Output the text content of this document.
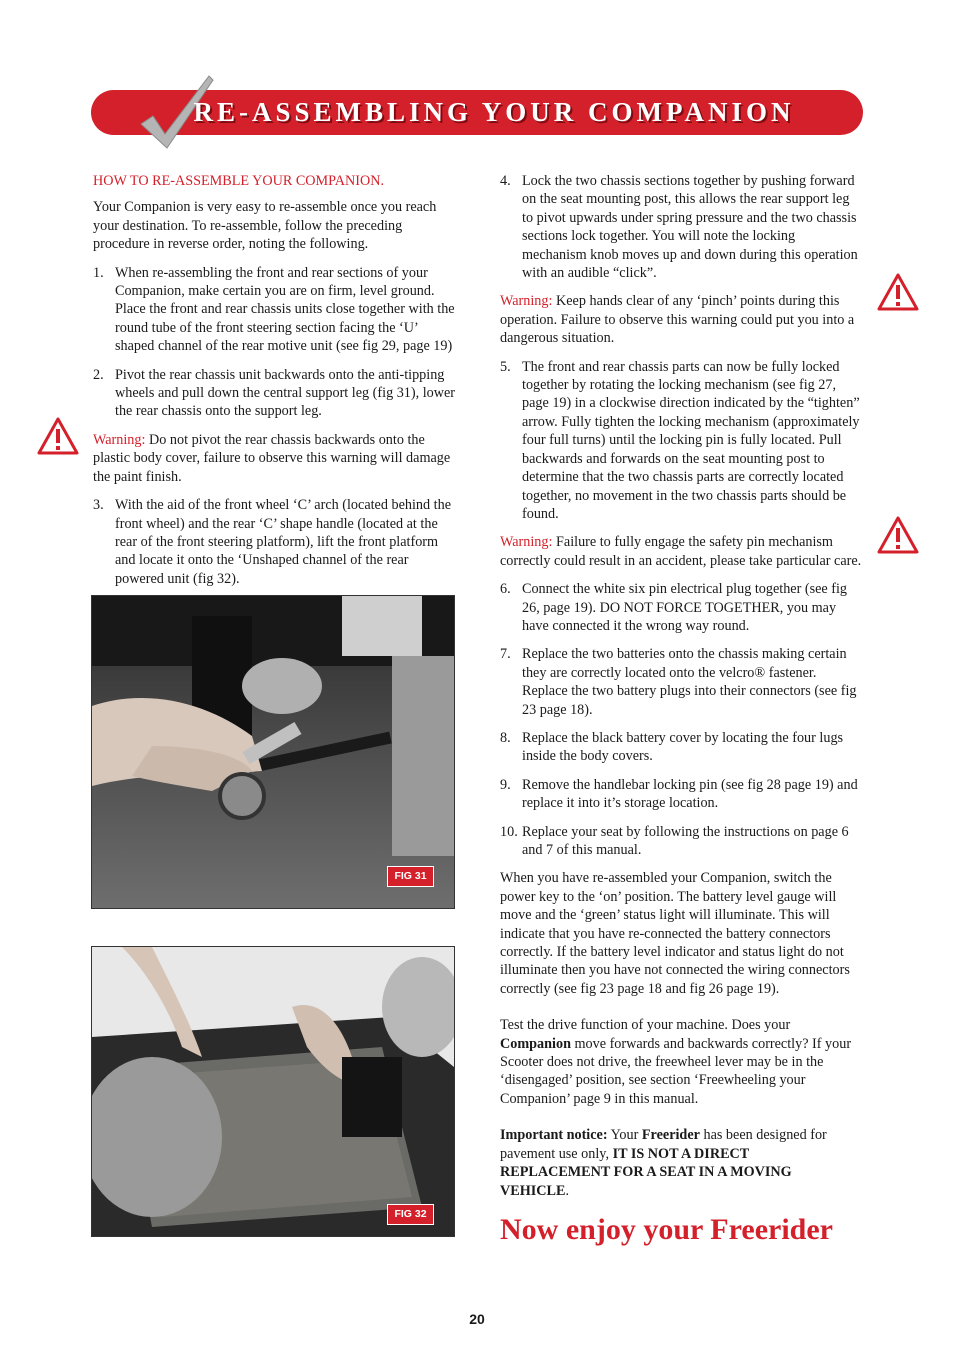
RE-ASSEMBLING YOUR COMPANION

HOW TO RE-ASSEMBLE YOUR COMPANION.

Your Companion is very easy to re-assemble once you reach your destination. To re-assemble, follow the preceding procedure in reverse order, noting the following.

1. When re-assembling the front and rear sections of your Companion, make certain you are on firm, level ground. Place the front and rear chassis units close together with the round tube of the front steering section facing the ‘U’ shaped channel of the rear motive unit (see fig 29, page 19)
2. Pivot the rear chassis unit backwards onto the anti-tipping wheels and pull down the central support leg (fig 31), lower the rear chassis onto the support leg.

Warning: Do not pivot the rear chassis backwards onto the plastic body cover, failure to observe this warning will damage the paint finish.

3. With the aid of the front wheel ‘C’ arch (located behind the front wheel) and the rear ‘C’ shape handle (located at the rear of the front steering platform), lift the front platform and locate it onto the ‘Unshaped channel of the rear powered unit (fig 32).
FIG 31
FIG 32
4. Lock the two chassis sections together by pushing forward on the seat mounting post, this allows the rear support leg to pivot upwards under spring pressure and the two chassis sections lock together. You will note the locking mechanism knob moves up and down during this operation with an audible “click”.

Warning: Keep hands clear of any ‘pinch’ points during this operation. Failure to observe this warning could put you into a dangerous situation.

5. The front and rear chassis parts can now be fully locked together by rotating the locking mechanism (see fig 27, page 19) in a clockwise direction indicated by the “tighten” arrow. Fully tighten the locking mechanism (approximately four full turns) until the locking pin is fully located. Pull backwards and forwards on the seat mounting post to determine that the two chassis parts are correctly located together, no movement in the two chassis parts should be found.

Warning: Failure to fully engage the safety pin mechanism correctly could result in an accident, please take particular care.

6. Connect the white six pin electrical plug together (see fig 26, page 19). DO NOT FORCE TOGETHER, you may have connected it the wrong way round.
7. Replace the two batteries onto the chassis making certain they are correctly located onto the velcro® fastener. Replace the two battery plugs into their connectors (see fig 23 page 18).
8. Replace the black battery cover by locating the four lugs inside the body covers.
9. Remove the handlebar locking pin (see fig 28 page 19) and replace it into it’s storage location.
10. Replace your seat by following the instructions on page 6 and 7 of this manual.

When you have re-assembled your Companion, switch the power key to the ‘on’ position. The battery level gauge will move and the ‘green’ status light will illuminate. This will indicate that you have re-connected the battery connectors correctly. If the battery level indicator and status light do not illuminate then you have not connected the wiring connectors correctly (see fig 23 page 18 and fig 26 page 19).

Test the drive function of your machine. Does your Companion move forwards and backwards correctly? If your Scooter does not drive, the freewheel lever may be in the ‘disengaged’ position, see section ‘Freewheeling your Companion’ page 9 in this manual.

Important notice: Your Freerider has been designed for pavement use only, IT IS NOT A DIRECT REPLACEMENT FOR A SEAT IN A MOVING VEHICLE.

Now enjoy your Freerider
20
